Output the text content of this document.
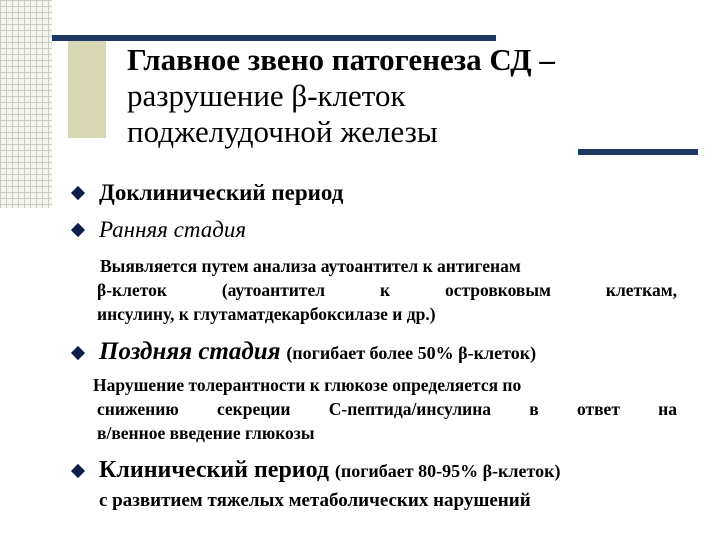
Главное звено патогенеза СД –
разрушение β-клеток
поджелудочной железы
Доклинический период
Ранняя стадия
Выявляется путем анализа аутоантител к антигенам
β-клеток (аутоантител к островковым клеткам,
инсулину, к глутаматдекарбоксилазе и др.)
Поздняя стадия (погибает более 50% β-клеток)
Нарушение толерантности к глюкозе определяется по
снижению секреции С-пептида/инсулина в ответ на
в/венное введение глюкозы
Клинический период (погибает 80-95% β-клеток)
с развитием тяжелых метаболических нарушений
